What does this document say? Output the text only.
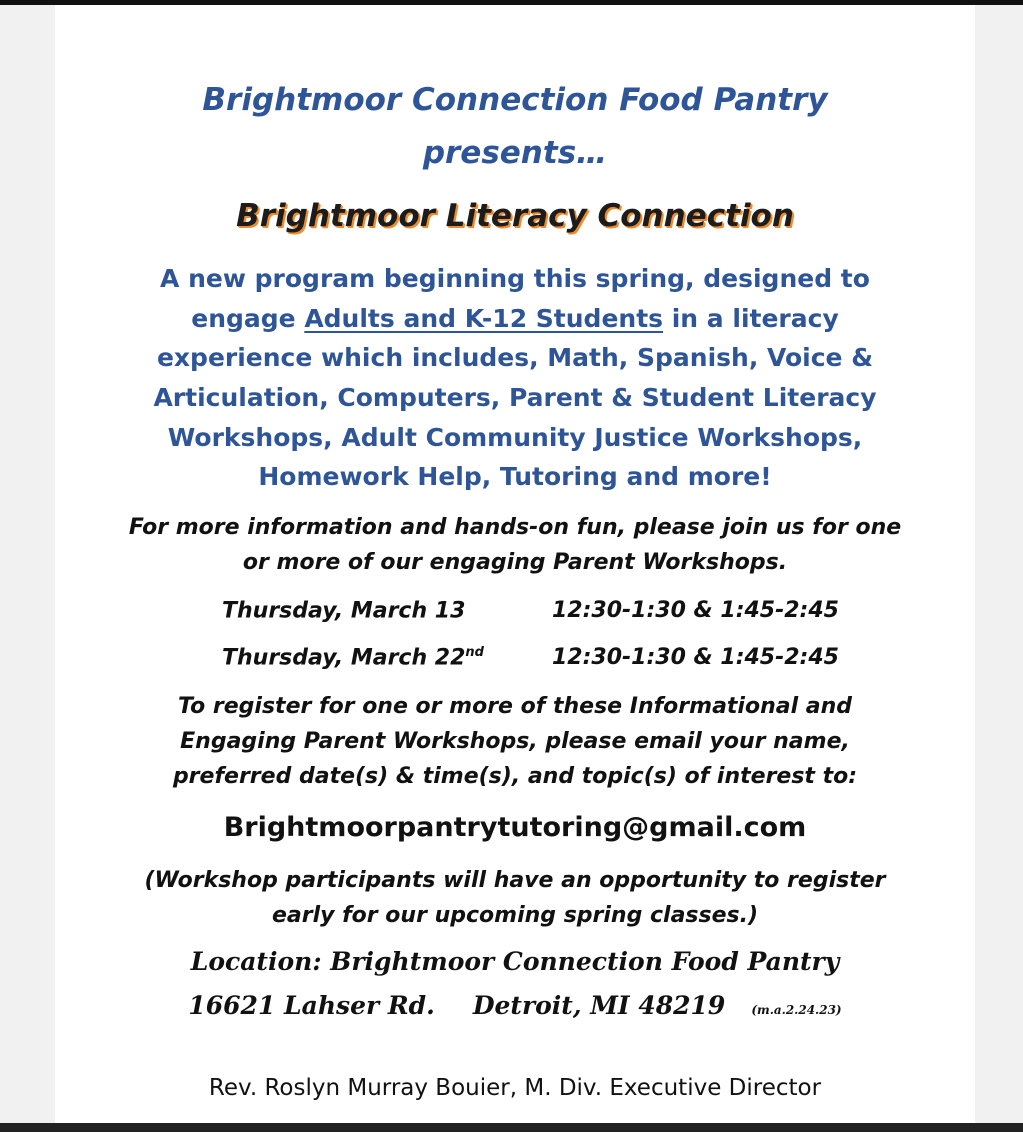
Brightmoor Connection Food Pantry
presents…
Brightmoor Literacy Connection
A new program beginning this spring, designed to
engage Adults and K-12 Students in a literacy
experience which includes, Math, Spanish, Voice &
Articulation, Computers, Parent & Student Literacy
Workshops, Adult Community Justice Workshops,
Homework Help, Tutoring and more!
For more information and hands-on fun, please join us for one
or more of our engaging Parent Workshops.
Thursday, March 13	12:30-1:30 & 1:45-2:45
Thursday, March 22nd	12:30-1:30 & 1:45-2:45
To register for one or more of these Informational and
Engaging Parent Workshops, please email your name,
preferred date(s) & time(s), and topic(s) of interest to:
Brightmoorpantrytutoring@gmail.com
(Workshop participants will have an opportunity to register
early for our upcoming spring classes.)
Location: Brightmoor Connection Food Pantry
16621 Lahser Rd. Detroit, MI 48219 (m.a.2.24.23)
Rev. Roslyn Murray Bouier, M. Div. Executive Director
